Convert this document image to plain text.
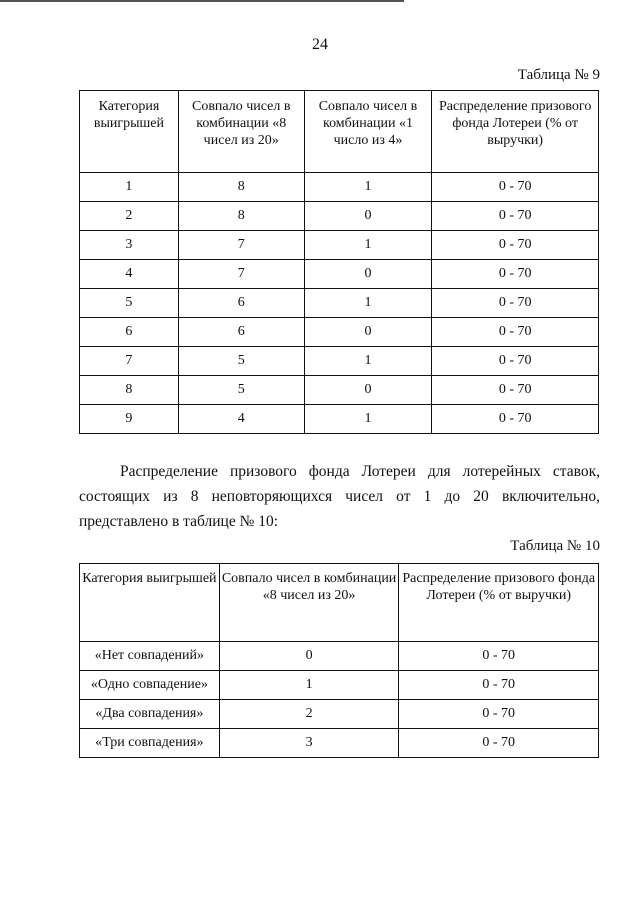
24
Таблица № 9
Категория выигрышей	Совпало чисел в комбинации «8 чисел из 20»	Совпало чисел в комбинации «1 число из 4»	Распределение призового фонда Лотереи (% от выручки)
1	8	1	0 - 70
2	8	0	0 - 70
3	7	1	0 - 70
4	7	0	0 - 70
5	6	1	0 - 70
6	6	0	0 - 70
7	5	1	0 - 70
8	5	0	0 - 70
9	4	1	0 - 70
Распределение призового фонда Лотереи для лотерейных ставок,
состоящих из 8 неповторяющихся чисел от 1 до 20 включительно, представлено в таблице № 10:
Таблица № 10
Категория выигрышей	Совпало чисел в комбинации «8 чисел из 20»	Распределение призового фонда Лотереи (% от выручки)
«Нет совпадений»	0	0 - 70
«Одно совпадение»	1	0 - 70
«Два совпадения»	2	0 - 70
«Три совпадения»	3	0 - 70
